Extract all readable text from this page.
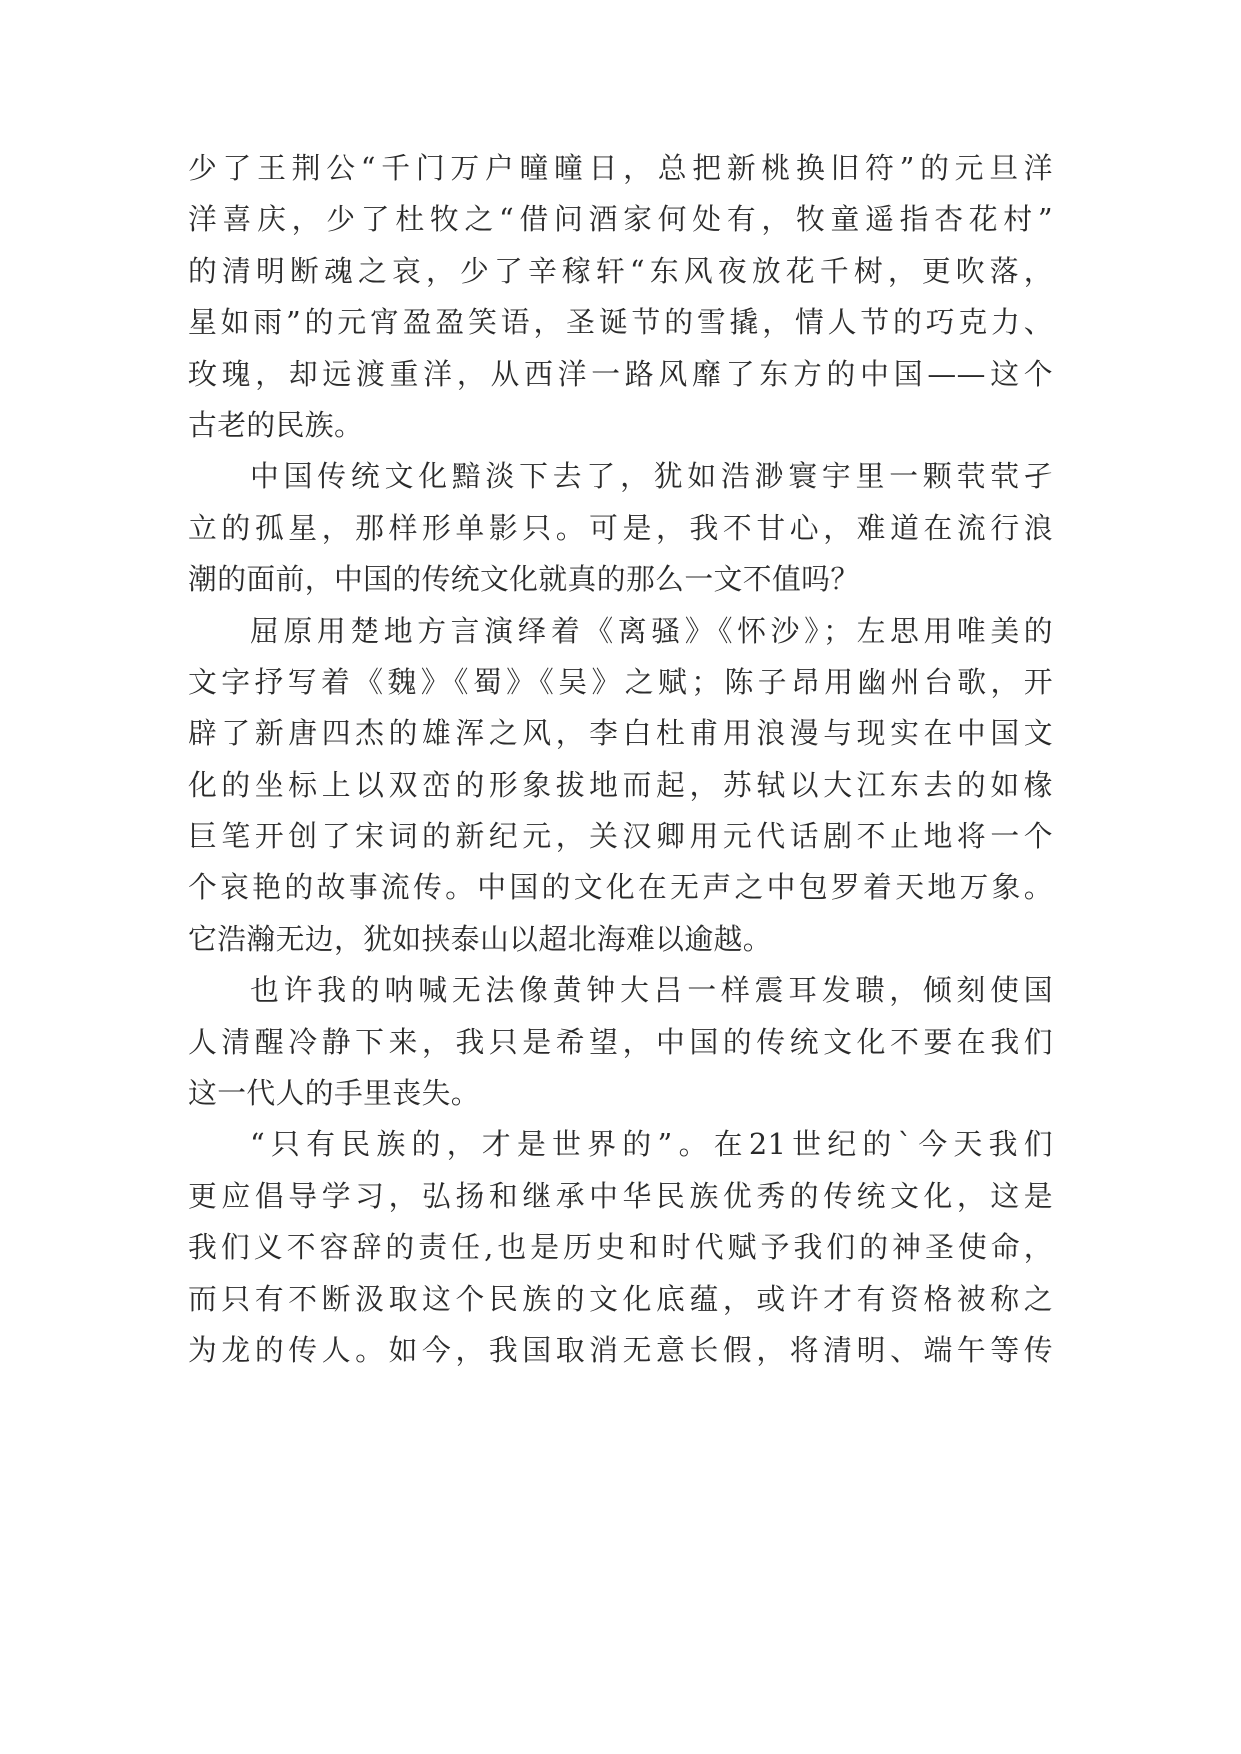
少了王荆公“千门万户曈曈日，总把新桃换旧符”的元旦洋
洋喜庆，少了杜牧之“借问酒家何处有，牧童遥指杏花村”
的清明断魂之哀，少了辛稼轩“东风夜放花千树，更吹落，
星如雨”的元宵盈盈笑语，圣诞节的雪撬，情人节的巧克力、
玫瑰，却远渡重洋，从西洋一路风靡了东方的中国——这个
古老的民族。
中国传统文化黯淡下去了，犹如浩渺寰宇里一颗茕茕孑
立的孤星，那样形单影只。可是，我不甘心，难道在流行浪
潮的面前，中国的传统文化就真的那么一文不值吗？
屈原用楚地方言演绎着《离骚》《怀沙》；左思用唯美的
文字抒写着《魏》《蜀》《吴》之赋；陈子昂用幽州台歌，开
辟了新唐四杰的雄浑之风，李白杜甫用浪漫与现实在中国文
化的坐标上以双峦的形象拔地而起，苏轼以大江东去的如椽
巨笔开创了宋词的新纪元，关汉卿用元代话剧不止地将一个
个哀艳的故事流传。中国的文化在无声之中包罗着天地万象。
它浩瀚无边，犹如挟泰山以超北海难以逾越。
也许我的呐喊无法像黄钟大吕一样震耳发聩，倾刻使国
人清醒冷静下来，我只是希望，中国的传统文化不要在我们
这一代人的手里丧失。
“只有民族的，才是世界的”。在21世纪的`今天我们
更应倡导学习，弘扬和继承中华民族优秀的传统文化，这是
我们义不容辞的责任,也是历史和时代赋予我们的神圣使命，
而只有不断汲取这个民族的文化底蕴，或许才有资格被称之
为龙的传人。如今，我国取消无意长假，将清明、端午等传
